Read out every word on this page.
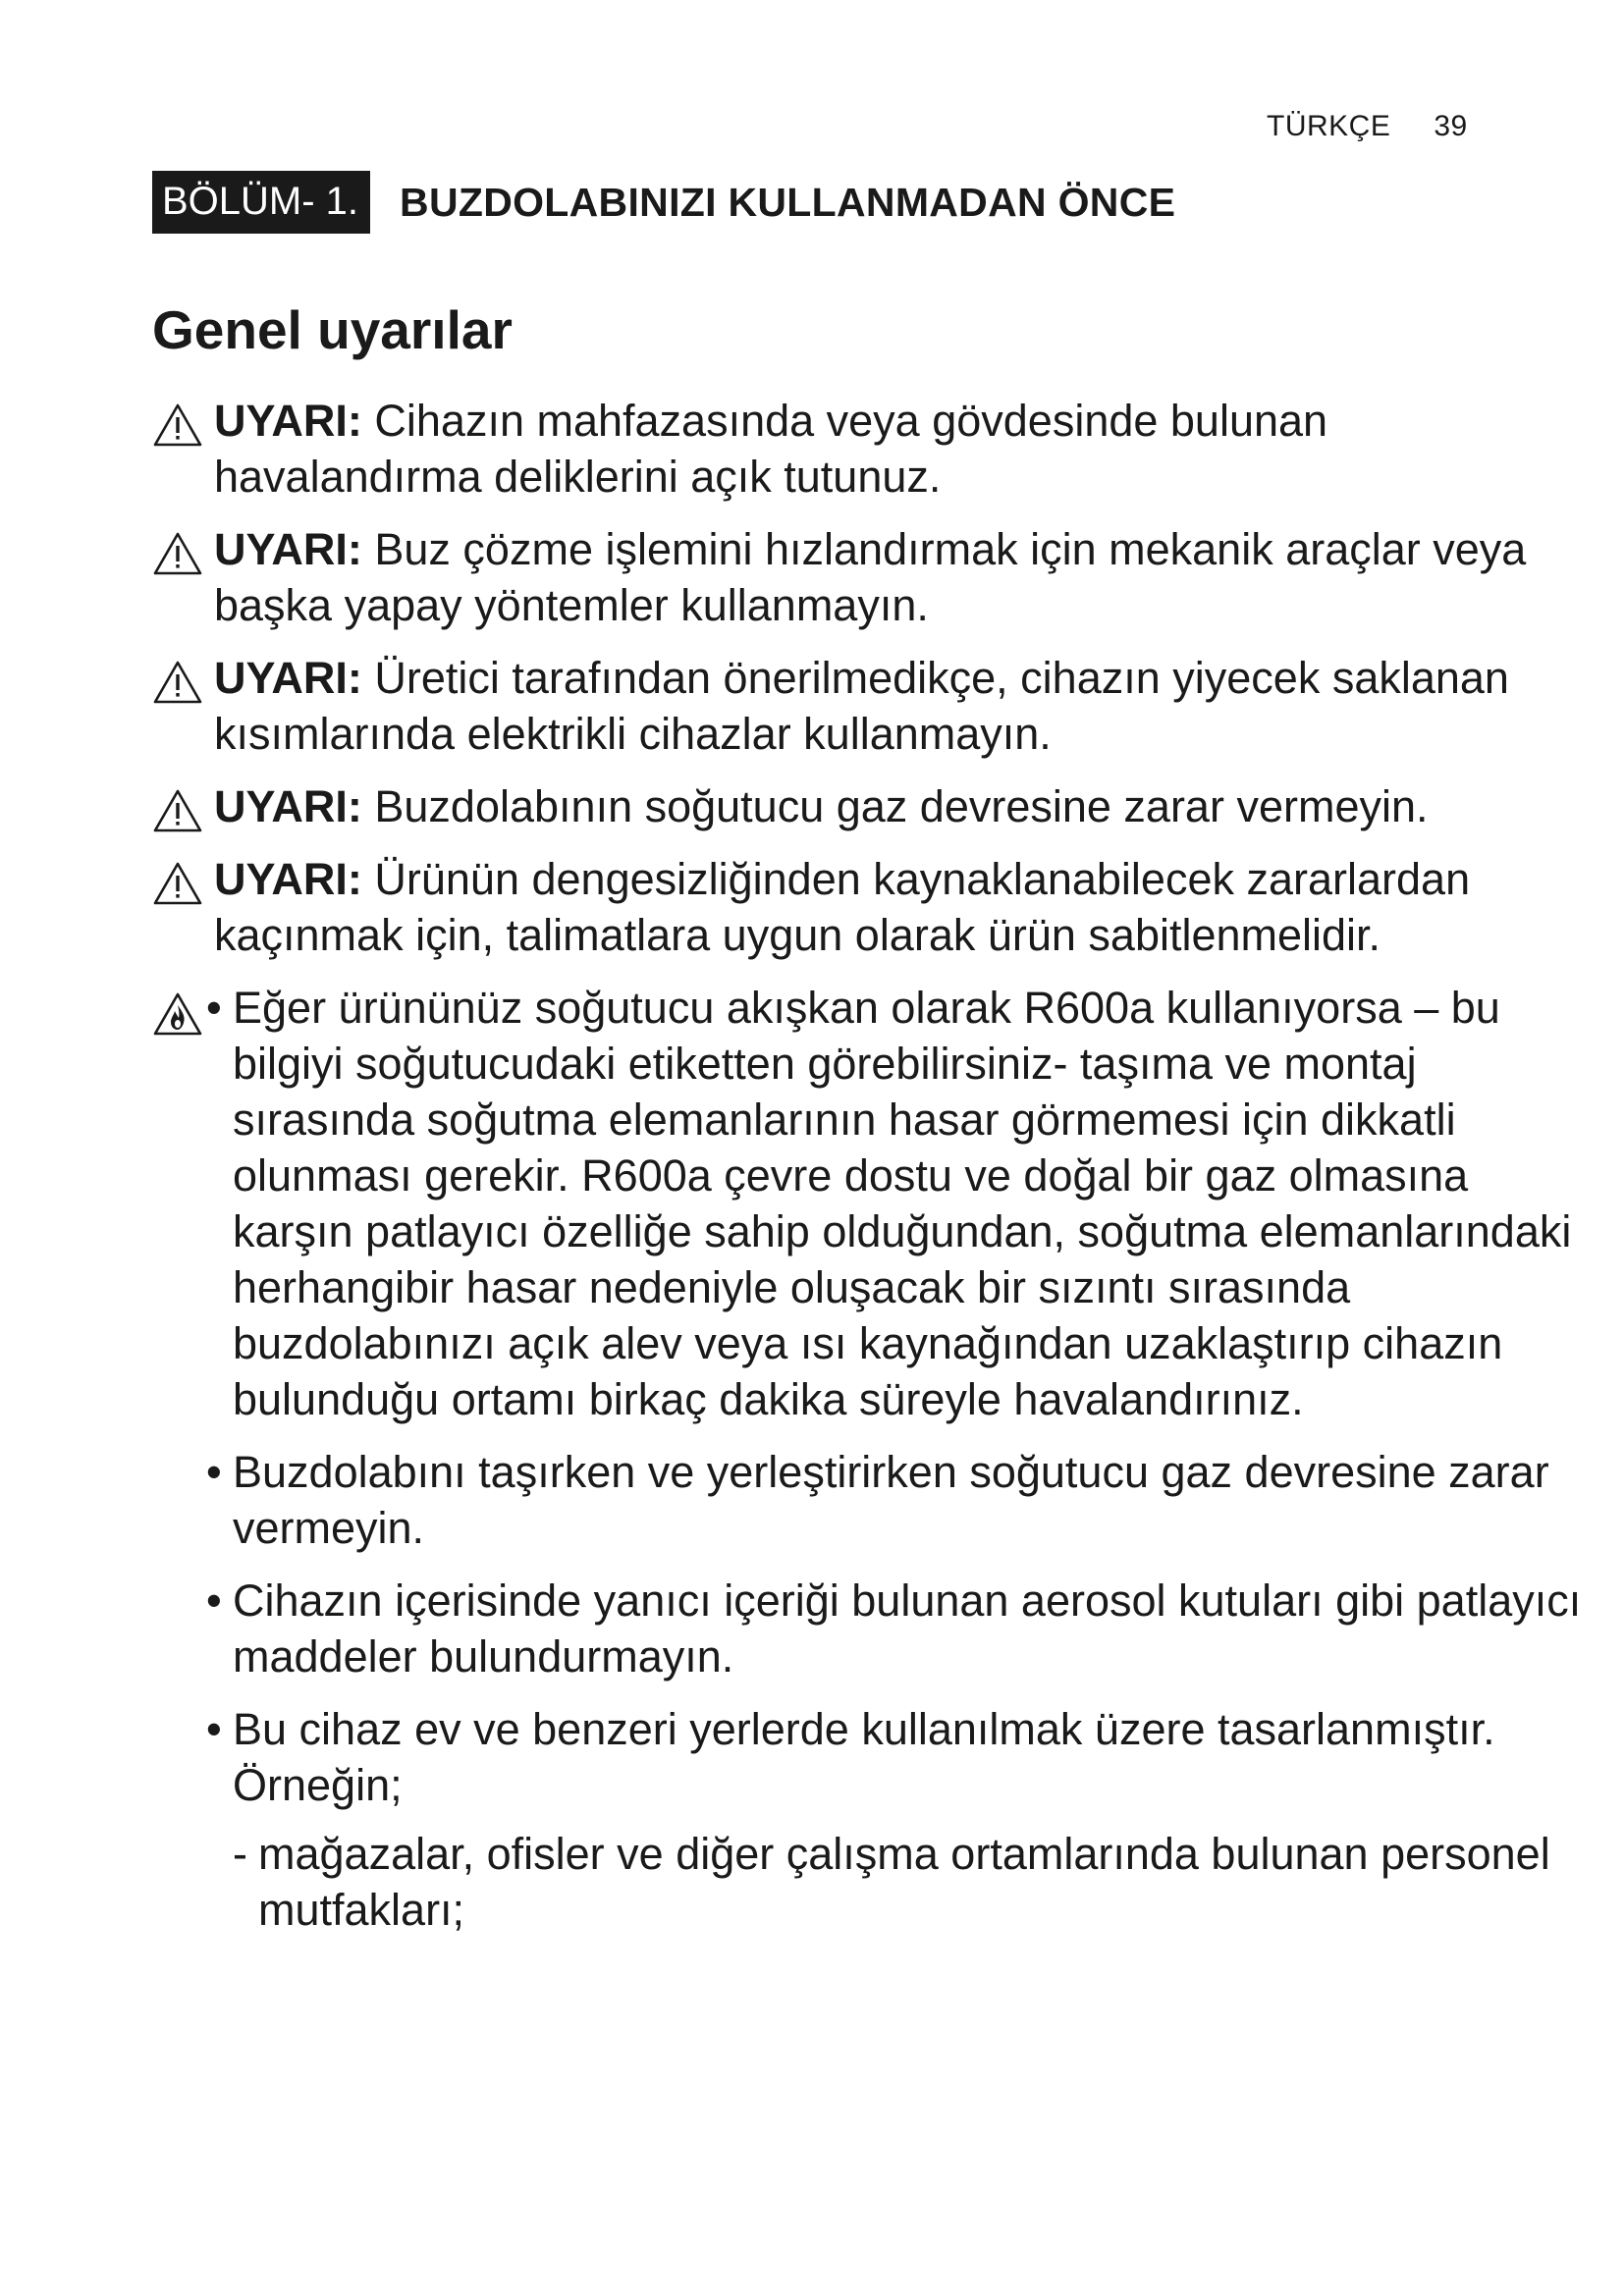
TÜRKÇE 39
BÖLÜM- 1. BUZDOLABINIZI KULLANMADAN ÖNCE
Genel uyarılar
UYARI: Cihazın mahfazasında veya gövdesinde bulunan havalandırma deliklerini açık tutunuz.
UYARI: Buz çözme işlemini hızlandırmak için mekanik araçlar veya başka yapay yöntemler kullanmayın.
UYARI: Üretici tarafından önerilmedikçe, cihazın yiyecek saklanan kısımlarında elektrikli cihazlar kullanmayın.
UYARI: Buzdolabının soğutucu gaz devresine zarar vermeyin.
UYARI: Ürünün dengesizliğinden kaynaklanabilecek zararlardan kaçınmak için, talimatlara uygun olarak ürün sabitlenmelidir.
• Eğer ürününüz soğutucu akışkan olarak R600a kullanıyorsa – bu bilgiyi soğutucudaki etiketten görebilirsiniz- taşıma ve montaj sırasında soğutma elemanlarının hasar görmemesi için dikkatli olunması gerekir. R600a çevre dostu ve doğal bir gaz olmasına karşın patlayıcı özelliğe sahip olduğundan, soğutma elemanlarındaki herhangibir hasar nedeniyle oluşacak bir sızıntı sırasında buzdolabınızı açık alev veya ısı kaynağından uzaklaştırıp cihazın bulunduğu ortamı birkaç dakika süreyle havalandırınız.
• Buzdolabını taşırken ve yerleştirirken soğutucu gaz devresine zarar vermeyin.
• Cihazın içerisinde yanıcı içeriği bulunan aerosol kutuları gibi patlayıcı maddeler bulundurmayın.
• Bu cihaz ev ve benzeri yerlerde kullanılmak üzere tasarlanmıştır. Örneğin;
- mağazalar, ofisler ve diğer çalışma ortamlarında bulunan personel mutfakları;
